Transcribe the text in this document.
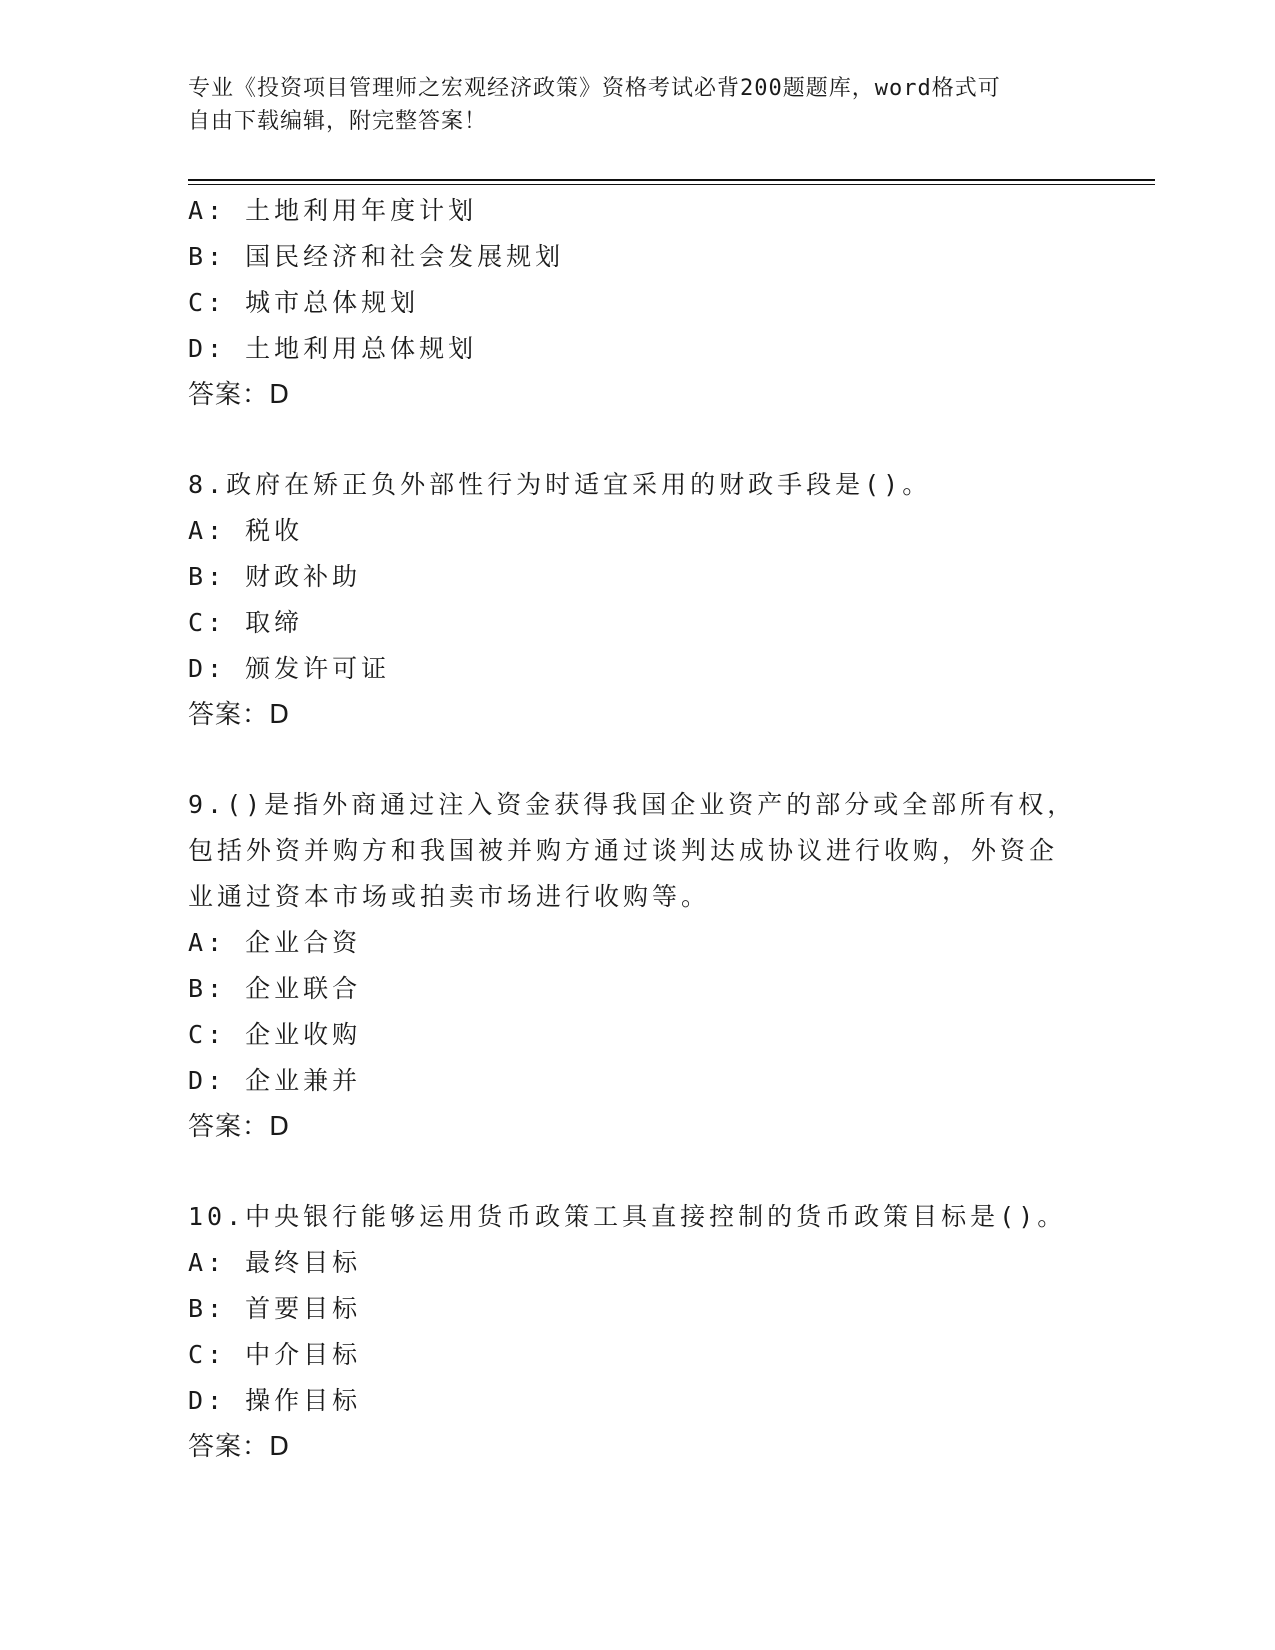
专业《投资项目管理师之宏观经济政策》资格考试必背200题题库，word格式可
自由下载编辑，附完整答案！
A: 土地利用年度计划
B: 国民经济和社会发展规划
C: 城市总体规划
D: 土地利用总体规划
答案：D
8.政府在矫正负外部性行为时适宜采用的财政手段是()。
A: 税收
B: 财政补助
C: 取缔
D: 颁发许可证
答案：D
9.()是指外商通过注入资金获得我国企业资产的部分或全部所有权，
包括外资并购方和我国被并购方通过谈判达成协议进行收购，外资企
业通过资本市场或拍卖市场进行收购等。
A: 企业合资
B: 企业联合
C: 企业收购
D: 企业兼并
答案：D
10.中央银行能够运用货币政策工具直接控制的货币政策目标是()。
A: 最终目标
B: 首要目标
C: 中介目标
D: 操作目标
答案：D
